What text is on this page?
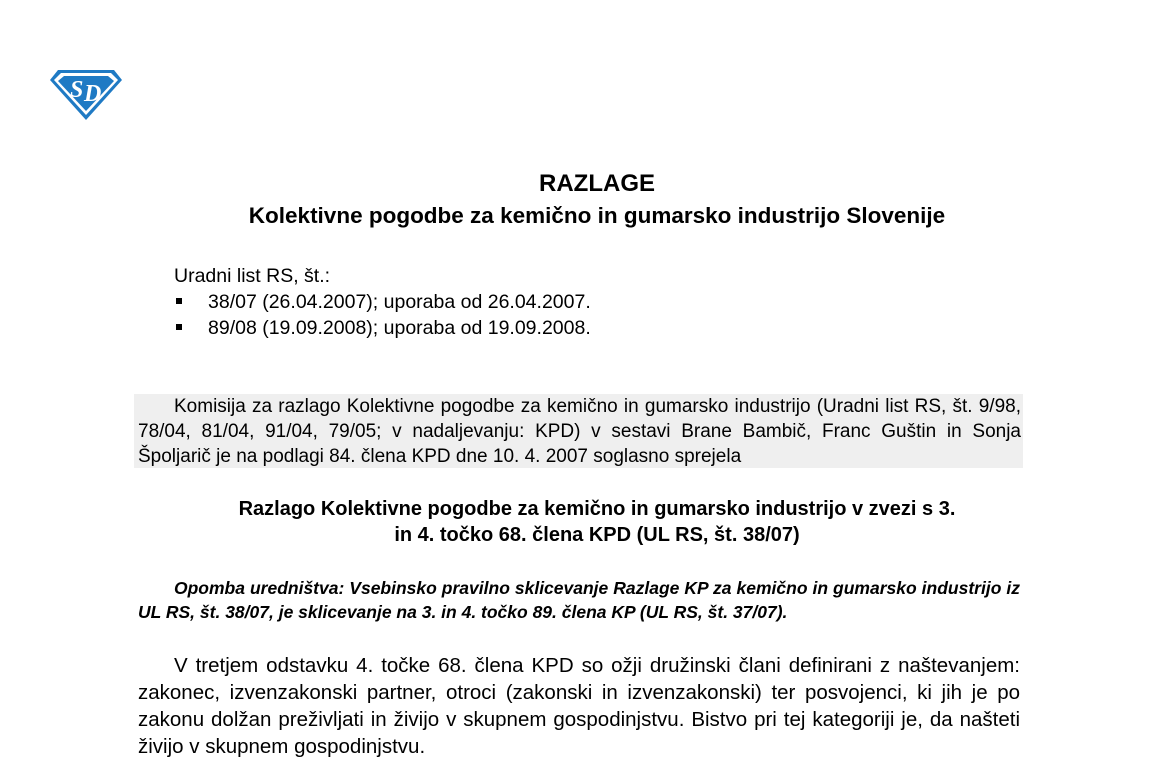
S D
RAZLAGE
Kolektivne pogodbe za kemično in gumarsko industrijo Slovenije
Uradni list RS, št.:
38/07 (26.04.2007); uporaba od 26.04.2007.
89/08 (19.09.2008); uporaba od 19.09.2008.

Komisija za razlago Kolektivne pogodbe za kemično in gumarsko industrijo (Uradni list RS, št. 9/98, 78/04, 81/04, 91/04, 79/05; v nadaljevanju: KPD) v sestavi Brane Bambič, Franc Guštin in Sonja Špoljarič je na podlagi 84. člena KPD dne 10. 4. 2007 soglasno sprejela

Razlago Kolektivne pogodbe za kemično in gumarsko industrijo v zvezi s 3.
in 4. točko 68. člena KPD (UL RS, št. 38/07)

Opomba uredništva: Vsebinsko pravilno sklicevanje Razlage KP za kemično in gumarsko industrijo iz UL RS, št. 38/07, je sklicevanje na 3. in 4. točko 89. člena KP (UL RS, št. 37/07).

V tretjem odstavku 4. točke 68. člena KPD so ožji družinski člani definirani z naštevanjem: zakonec, izvenzakonski partner, otroci (zakonski in izvenzakonski) ter posvojenci, ki jih je po zakonu dolžan preživljati in živijo v skupnem gospodinjstvu. Bistvo pri tej kategoriji je, da našteti živijo v skupnem gospodinjstvu.
